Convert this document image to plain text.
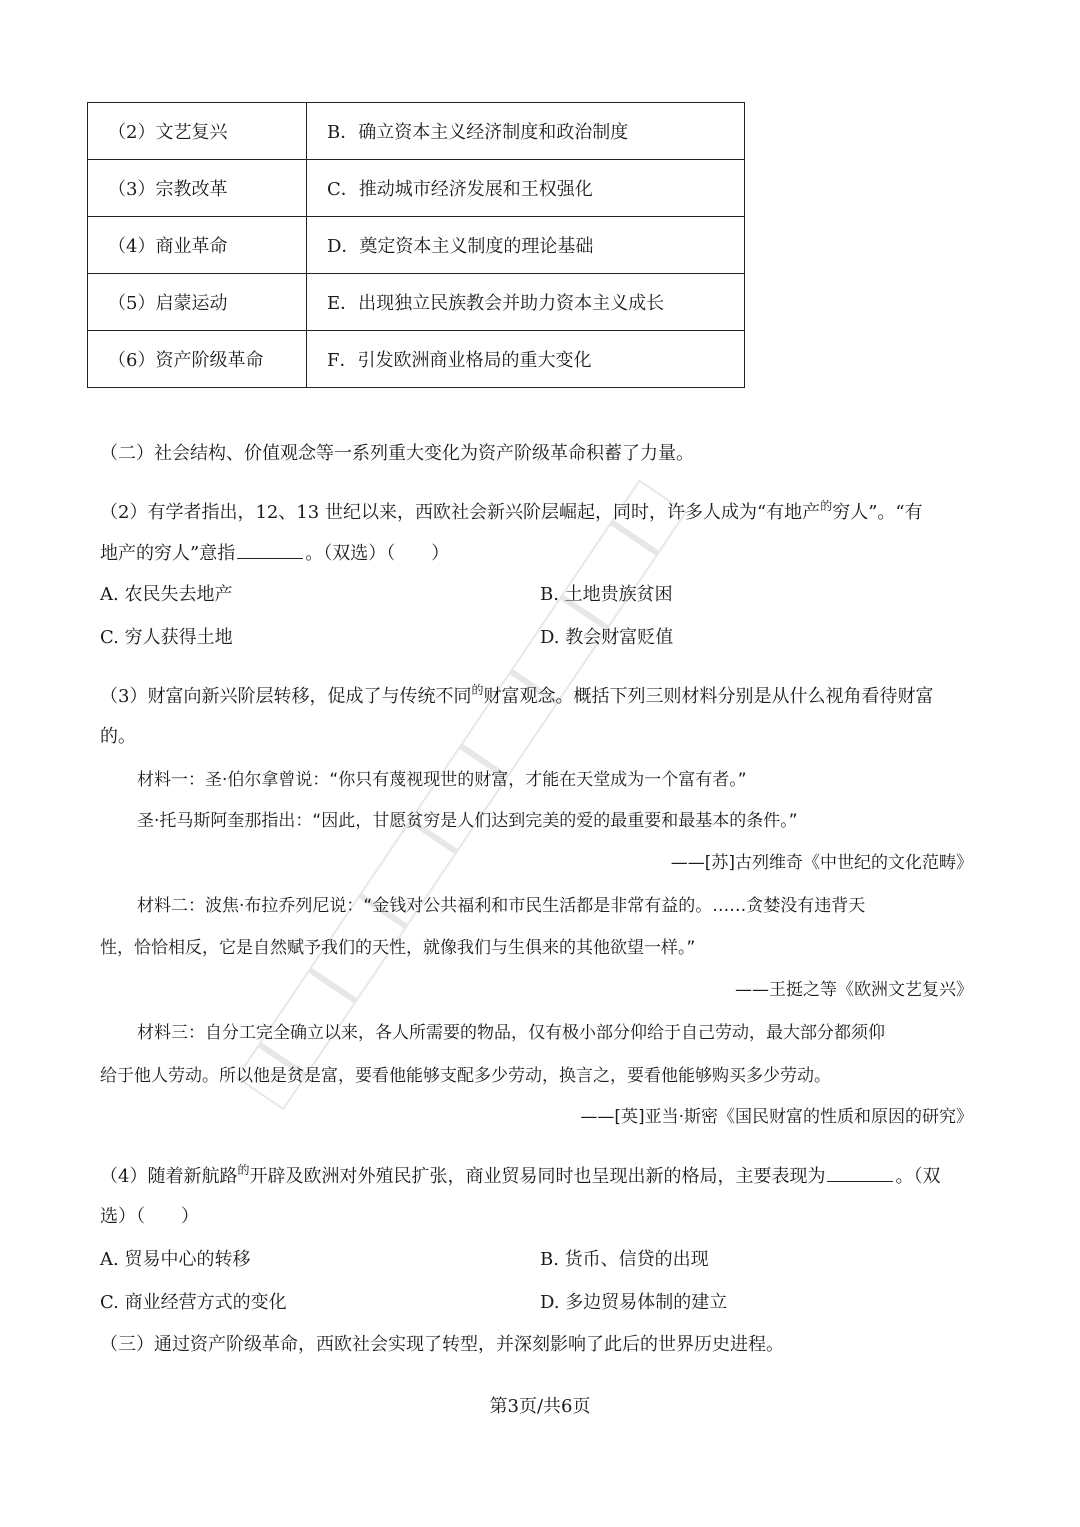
（2）文艺复兴	B．确立资本主义经济制度和政治制度
（3）宗教改革	C．推动城市经济发展和王权强化
（4）商业革命	D．奠定资本主义制度的理论基础
（5）启蒙运动	E．出现独立民族教会并助力资本主义成长
（6）资产阶级革命	F．引发欧洲商业格局的重大变化
（二）社会结构、价值观念等一系列重大变化为资产阶级革命积蓄了力量。
（2）有学者指出，12、13 世纪以来，西欧社会新兴阶层崛起，同时，许多人成为“有地产$^的$穷人”。“有
地产的穷人”意指	。（双选）（　　）
A. 农民失去地产	B. 土地贵族贫困
C. 穷人获得土地	D. 教会财富贬值
（3）财富向新兴阶层转移，促成了与传统不同$^的$财富观念。概括下列三则材料分别是从什么视角看待财富
的。
材料一：圣·伯尔拿曾说：“你只有蔑视现世的财富，才能在天堂成为一个富有者。”
圣·托马斯阿奎那指出：“因此，甘愿贫穷是人们达到完美的爱的最重要和最基本的条件。”
——[苏]古列维奇《中世纪的文化范畴》
材料二：波焦·布拉乔列尼说：“金钱对公共福利和市民生活都是非常有益的。……贪婪没有违背天
性，恰恰相反，它是自然赋予我们的天性，就像我们与生俱来的其他欲望一样。”
——王挺之等《欧洲文艺复兴》
材料三：自分工完全确立以来，各人所需要的物品，仅有极小部分仰给于自己劳动，最大部分都须仰
给于他人劳动。所以他是贫是富，要看他能够支配多少劳动，换言之，要看他能够购买多少劳动。
——[英]亚当·斯密《国民财富的性质和原因的研究》
（4）随着新航路$^的$开辟及欧洲对外殖民扩张，商业贸易同时也呈现出新的格局，主要表现为	。（双
选）（　　）
A. 贸易中心的转移	B. 货币、信贷的出现
C. 商业经营方式的变化	D. 多边贸易体制的建立
（三）通过资产阶级革命，西欧社会实现了转型，并深刻影响了此后的世界历史进程。
第3页/共6页
